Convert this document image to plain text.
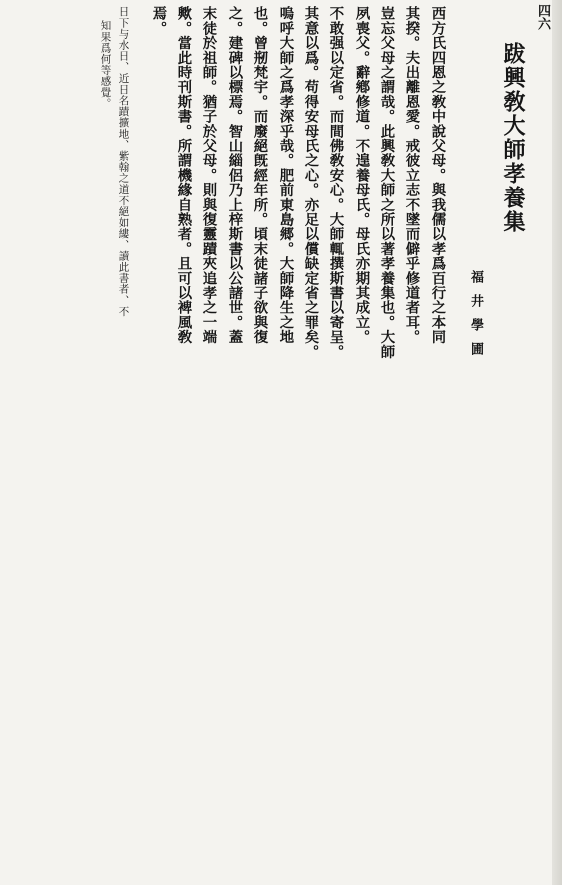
四六
跋興敎大師孝養集
福井學圃
西方氏四恩之敎中說父母。與我儒以孝爲百行之本同
其揆。夫出離恩愛。戒彼立志不墜而僻乎修道者耳。
豈忘父母之謂哉。此興敎大師之所以著孝養集也。大師
夙喪父。辭鄕修道。不遑養母氏。母氏亦期其成立。
不敢强以定省。而間佛敎安心。大師輒撰斯書以寄呈。
其意以爲。苟得安母氏之心。亦足以償缺定省之罪矣。
嗚呼大師之爲孝深乎哉。肥前東島郷。大師降生之地
也。曾剏梵宇。而廢絕旣經年所。頃末徒諸子欲與復
之。建碑以標焉。智山緇侶乃上梓斯書以公諸世。蓋
末徒於祖師。猶子於父母。則與復靈蹟夾追孝之一端
歟。當此時刊斯書。所謂機緣自熟者。且可以裨風敎
焉。
日下与水日、近日名蹟擴地、紫翰之道不絕如縷、讀此書者、不
知果爲何等感覺。
